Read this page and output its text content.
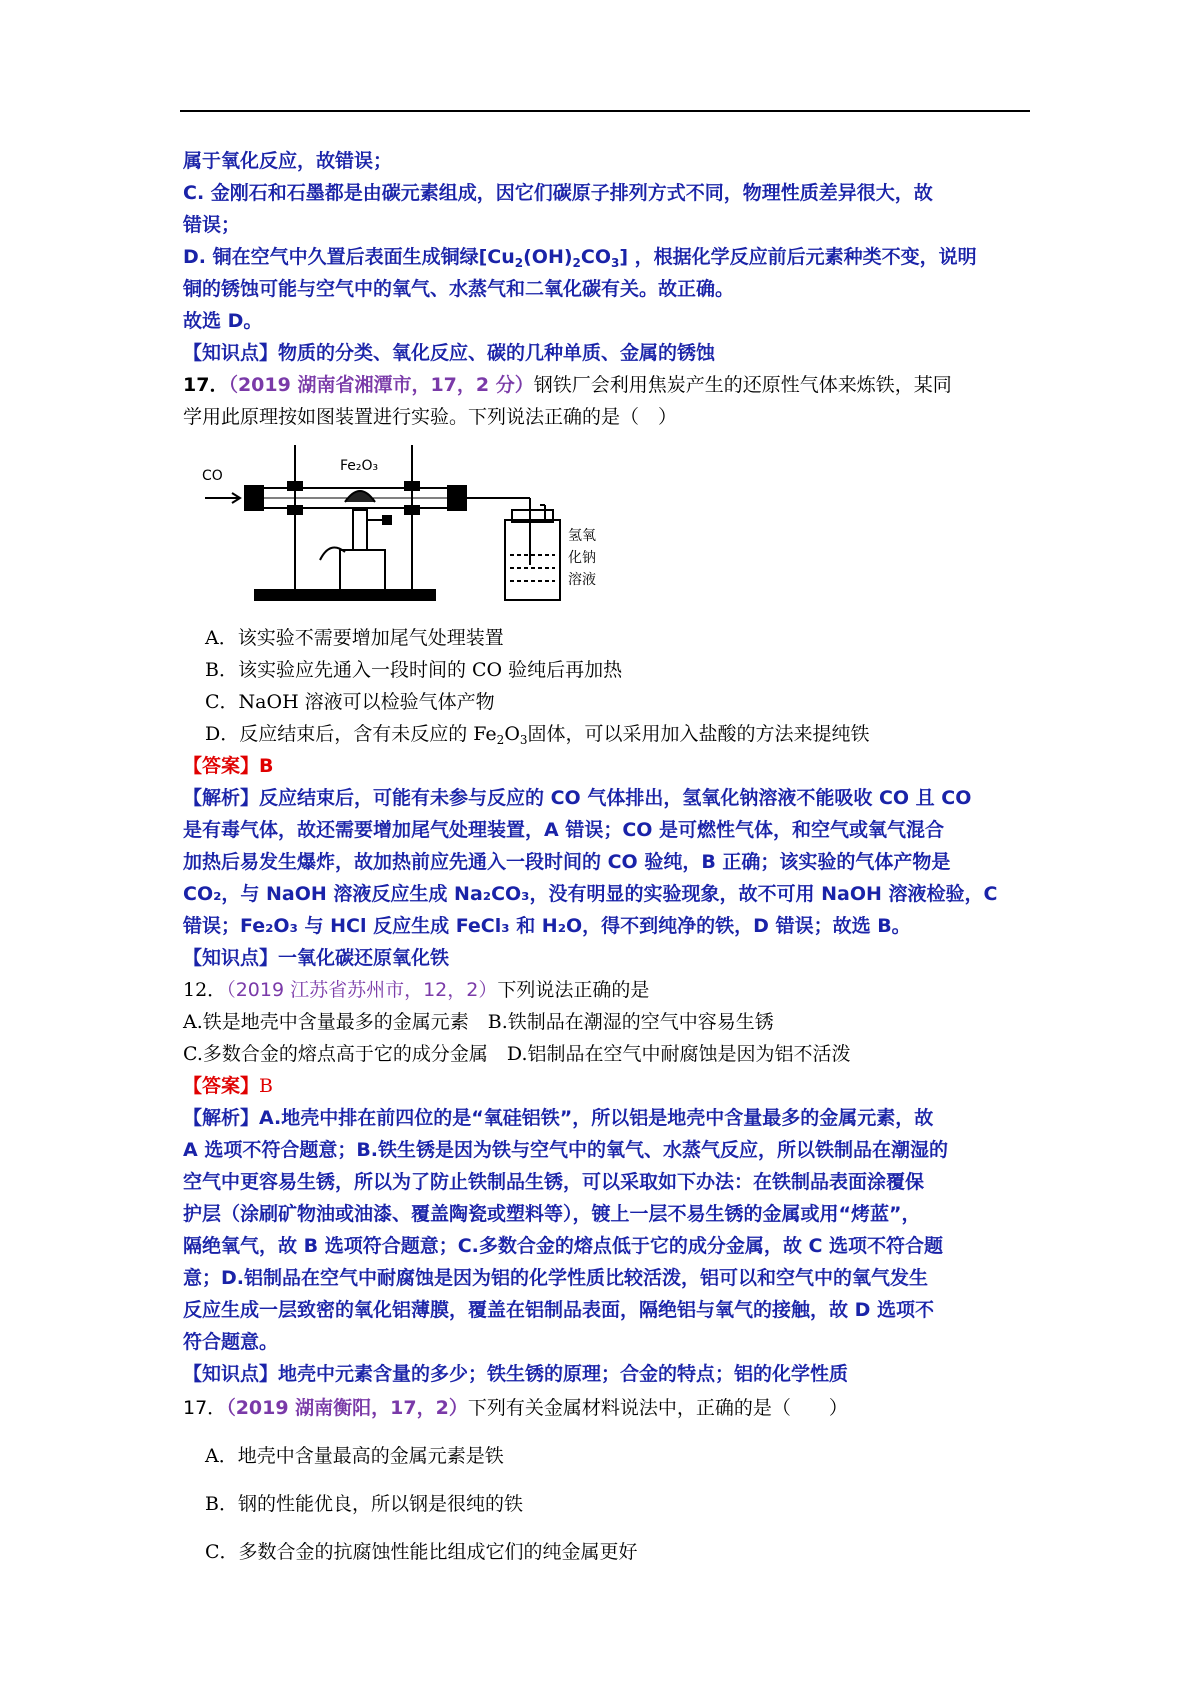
属于氧化反应，故错误；
C. 金刚石和石墨都是由碳元素组成，因它们碳原子排列方式不同，物理性质差异很大，故
错误；
D. 铜在空气中久置后表面生成铜绿$[Cu_2(OH)_2CO_3]$ ，根据化学反应前后元素种类不变，说明
铜的锈蚀可能与空气中的氧气、水蒸气和二氧化碳有关。故正确。
故选 D。
【知识点】物质的分类、氧化反应、碳的几种单质、金属的锈蚀
17．（2019 湖南省湘潭市，17，2 分）钢铁厂会利用焦炭产生的还原性气体来炼铁，某同
学用此原理按如图装置进行实验。下列说法正确的是（　）
CO
Fe₂O₃
氢氧
化钠
溶液
A．该实验不需要增加尾气处理装置
B．该实验应先通入一段时间的 CO 验纯后再加热
C．NaOH 溶液可以检验气体产物
D．反应结束后，含有未反应的 $Fe_2O_3$固体，可以采用加入盐酸的方法来提纯铁
【答案】B
【解析】反应结束后，可能有未参与反应的 CO 气体排出，氢氧化钠溶液不能吸收 CO 且 CO
是有毒气体，故还需要增加尾气处理装置，A 错误；CO 是可燃性气体，和空气或氧气混合
加热后易发生爆炸，故加热前应先通入一段时间的 CO 验纯，B 正确；该实验的气体产物是
CO₂，与 NaOH 溶液反应生成 Na₂CO₃，没有明显的实验现象，故不可用 NaOH 溶液检验，C
错误；Fe₂O₃ 与 HCl 反应生成 FeCl₃ 和 H₂O，得不到纯净的铁，D 错误；故选 B。
【知识点】一氧化碳还原氧化铁
12．（2019 江苏省苏州市，12，2）下列说法正确的是
A.铁是地壳中含量最多的金属元素　B.铁制品在潮湿的空气中容易生锈
C.多数合金的熔点高于它的成分金属　D.铝制品在空气中耐腐蚀是因为铝不活泼
【答案】B
【解析】A.地壳中排在前四位的是“氧硅铝铁”，所以铝是地壳中含量最多的金属元素，故
A 选项不符合题意；B.铁生锈是因为铁与空气中的氧气、水蒸气反应，所以铁制品在潮湿的
空气中更容易生锈，所以为了防止铁制品生锈，可以采取如下办法：在铁制品表面涂覆保
护层（涂刷矿物油或油漆、覆盖陶瓷或塑料等），镀上一层不易生锈的金属或用“烤蓝”，
隔绝氧气，故 B 选项符合题意；C.多数合金的熔点低于它的成分金属，故 C 选项不符合题
意；D.铝制品在空气中耐腐蚀是因为铝的化学性质比较活泼，铝可以和空气中的氧气发生
反应生成一层致密的氧化铝薄膜，覆盖在铝制品表面，隔绝铝与氧气的接触，故 D 选项不
符合题意。
【知识点】地壳中元素含量的多少；铁生锈的原理；合金的特点；铝的化学性质
17．（2019 湖南衡阳，17，2）下列有关金属材料说法中，正确的是（　　）
A．地壳中含量最高的金属元素是铁
B．钢的性能优良，所以钢是很纯的铁
C．多数合金的抗腐蚀性能比组成它们的纯金属更好
